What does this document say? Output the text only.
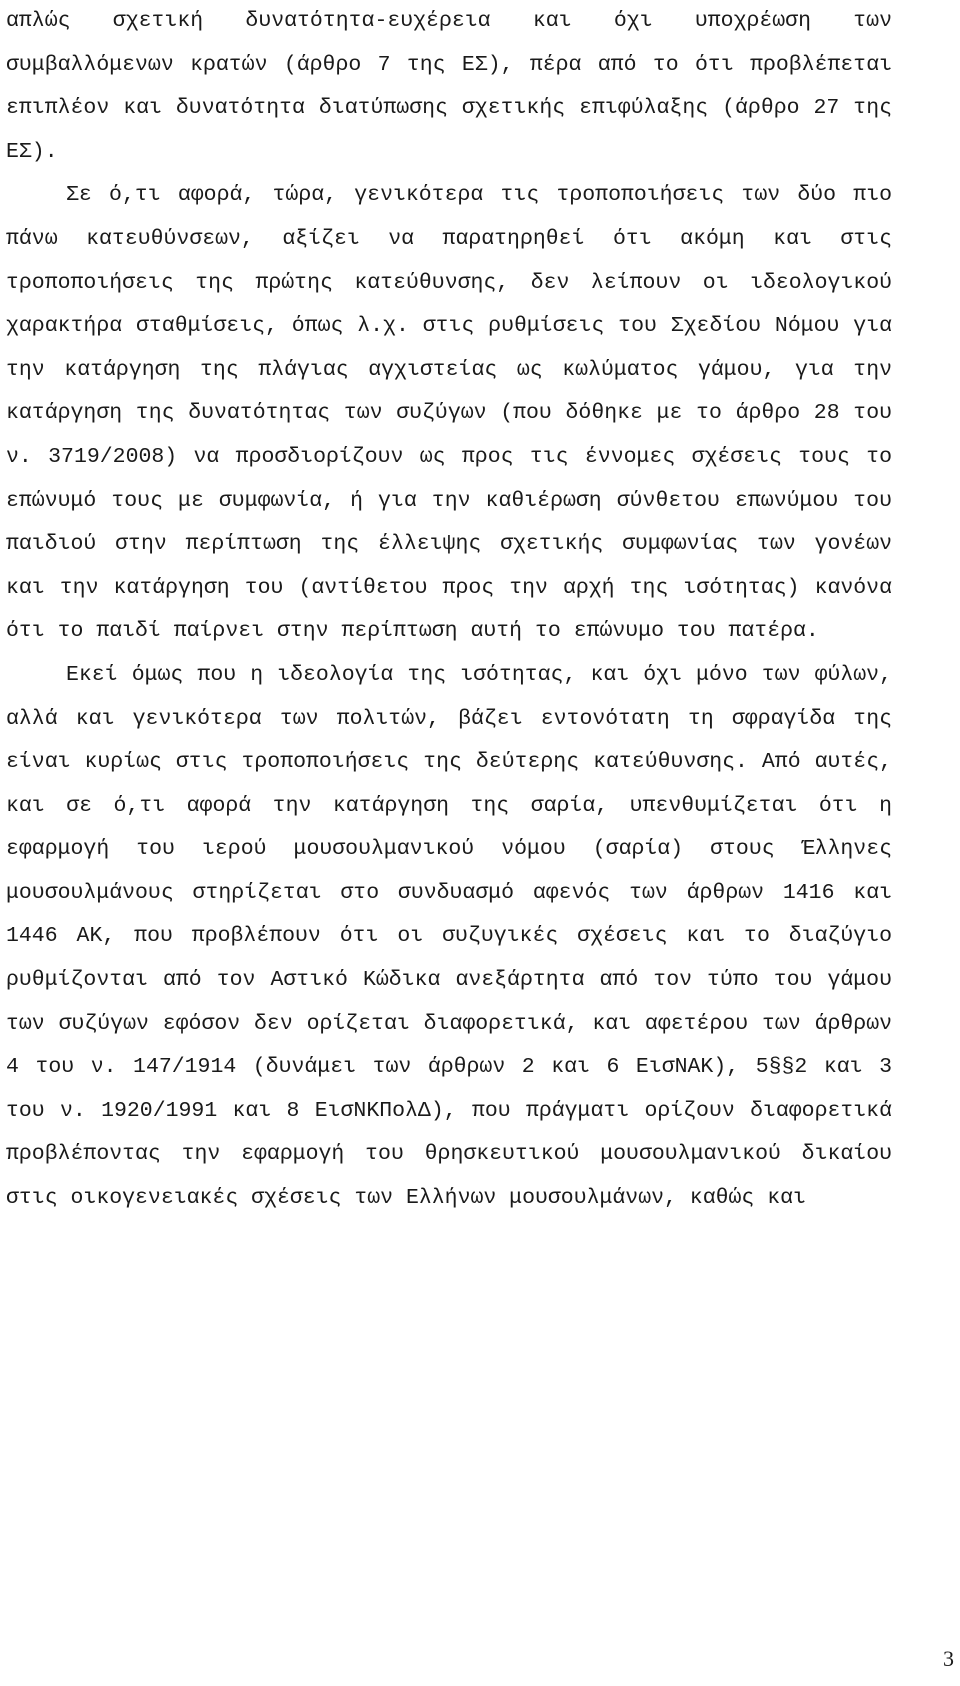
απλώς σχετική δυνατότητα-ευχέρεια και όχι υποχρέωση των συμβαλλόμενων κρατών (άρθρο 7 της ΕΣ), πέρα από το ότι προβλέπεται επιπλέον και δυνατότητα διατύπωσης σχετικής επιφύλαξης (άρθρο 27 της ΕΣ).

Σε ό,τι αφορά, τώρα, γενικότερα τις τροποποιήσεις των δύο πιο πάνω κατευθύνσεων, αξίζει να παρατηρηθεί ότι ακόμη και στις τροποποιήσεις της πρώτης κατεύθυνσης, δεν λείπουν οι ιδεολογικού χαρακτήρα σταθμίσεις, όπως λ.χ. στις ρυθμίσεις του Σχεδίου Νόμου για την κατάργηση της πλάγιας αγχιστείας ως κωλύματος γάμου, για την κατάργηση της δυνατότητας των συζύγων (που δόθηκε με το άρθρο 28 του ν. 3719/2008) να προσδιορίζουν ως προς τις έννομες σχέσεις τους το επώνυμό τους με συμφωνία, ή για την καθιέρωση σύνθετου επωνύμου του παιδιού στην περίπτωση της έλλειψης σχετικής συμφωνίας των γονέων και την κατάργηση του (αντίθετου προς την αρχή της ισότητας) κανόνα ότι το παιδί παίρνει στην περίπτωση αυτή το επώνυμο του πατέρα.

Εκεί όμως που η ιδεολογία της ισότητας, και όχι μόνο των φύλων, αλλά και γενικότερα των πολιτών, βάζει εντονότατη τη σφραγίδα της είναι κυρίως στις τροποποιήσεις της δεύτερης κατεύθυνσης. Από αυτές, και σε ό,τι αφορά την κατάργηση της σαρία, υπενθυμίζεται ότι η εφαρμογή του ιερού μουσουλμανικού νόμου (σαρία) στους Έλληνες μουσουλμάνους στηρίζεται στο συνδυασμό αφενός των άρθρων 1416 και 1446 ΑΚ, που προβλέπουν ότι οι συζυγικές σχέσεις και το διαζύγιο ρυθμίζονται από τον Αστικό Κώδικα ανεξάρτητα από τον τύπο του γάμου των συζύγων εφόσον δεν ορίζεται διαφορετικά, και αφετέρου των άρθρων 4 του ν. 147/1914 (δυνάμει των άρθρων 2 και 6 ΕισΝΑΚ), 5§§2 και 3 του ν. 1920/1991 και 8 ΕισΝΚΠολΔ), που πράγματι ορίζουν διαφορετικά προβλέποντας την εφαρμογή του θρησκευτικού μουσουλμανικού δικαίου στις οικογενειακές σχέσεις των Ελλήνων μουσουλμάνων, καθώς και

3
